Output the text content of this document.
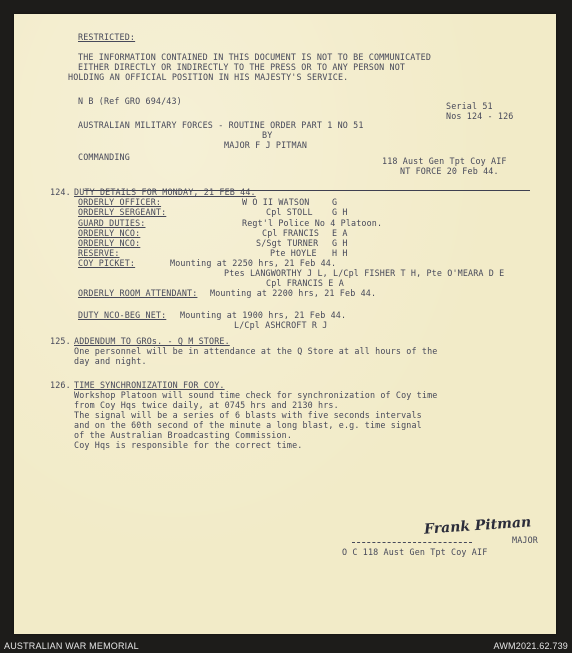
RESTRICTED:
THE INFORMATION CONTAINED IN THIS DOCUMENT IS NOT TO BE COMMUNICATED
EITHER DIRECTLY OR INDIRECTLY TO THE PRESS OR TO ANY PERSON NOT
HOLDING AN OFFICIAL POSITION IN HIS MAJESTY'S SERVICE.
N B (Ref GRO 694/43)	Serial 51
Nos 124 - 126
AUSTRALIAN MILITARY FORCES - ROUTINE ORDER PART 1 NO 51
BY
MAJOR F J PITMAN
COMMANDING	118 Aust Gen Tpt Coy AIF
NT FORCE 20 Feb 44.
124. DUTY DETAILS FOR MONDAY, 21 FEB 44.
ORDERLY OFFICER:	W O II WATSON	G
ORDERLY SERGEANT:	Cpl STOLL G H
GUARD DUTIES:	Regt'l Police No 4 Platoon.
ORDERLY NCO:	Cpl FRANCIS E A
ORDERLY NCO:	S/Sgt TURNER G H
RESERVE:	Pte HOYLE H H
COY PICKET:	Mounting at 2250 hrs, 21 Feb 44.
Ptes LANGWORTHY J L, L/Cpl FISHER T H, Pte O'MEARA D E
Cpl FRANCIS E A
ORDERLY ROOM ATTENDANT: Mounting at 2200 hrs, 21 Feb 44.
DUTY NCO-BEG NET: Mounting at 1900 hrs, 21 Feb 44.
L/Cpl ASHCROFT R J
125. ADDENDUM TO GROs. - Q M STORE.
One personnel will be in attendance at the Q Store at all hours of the
day and night.
126. TIME SYNCHRONIZATION FOR COY.
Workshop Platoon will sound time check for synchronization of Coy time
from Coy Hqs twice daily, at 0745 hrs and 2130 hrs.
The signal will be a series of 6 blasts with five seconds intervals
and on the 60th second of the minute a long blast, e.g. time signal
of the Australian Broadcasting Commission.
Coy Hqs is responsible for the correct time.
Frank Pitman
MAJOR
O C 118 Aust Gen Tpt Coy AIF
AUSTRALIAN WAR MEMORIAL	AWM2021.62.739
